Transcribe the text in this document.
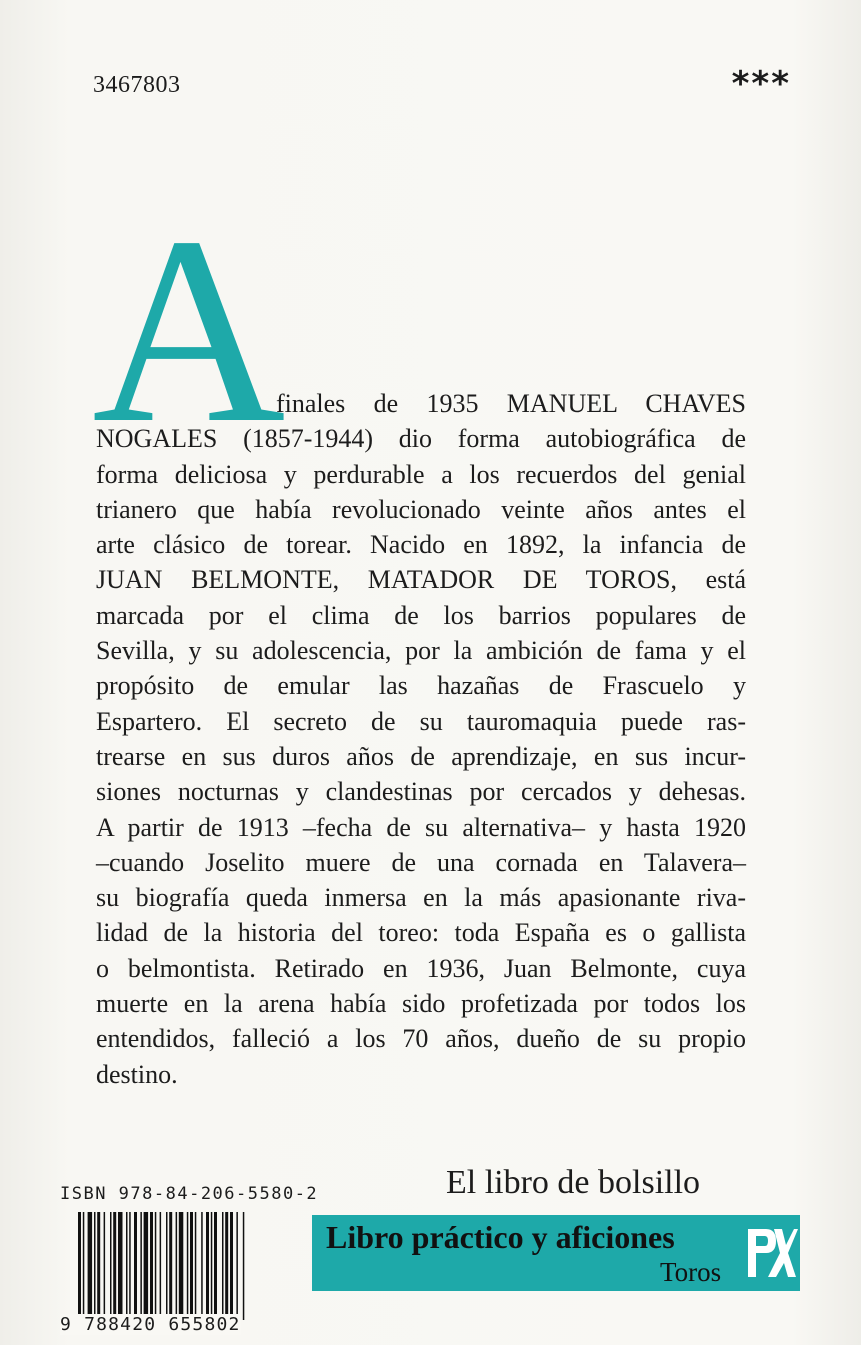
3467803	***
A
finales de 1935 MANUEL CHAVES
NOGALES (1857-1944) dio forma autobiográfica de
forma deliciosa y perdurable a los recuerdos del genial
trianero que había revolucionado veinte años antes el
arte clásico de torear. Nacido en 1892, la infancia de
JUAN BELMONTE, MATADOR DE TOROS, está
marcada por el clima de los barrios populares de
Sevilla, y su adolescencia, por la ambición de fama y el
propósito de emular las hazañas de Frascuelo y
Espartero. El secreto de su tauromaquia puede ras-
trearse en sus duros años de aprendizaje, en sus incur-
siones nocturnas y clandestinas por cercados y dehesas.
A partir de 1913 –fecha de su alternativa– y hasta 1920
–cuando Joselito muere de una cornada en Talavera–
su biografía queda inmersa en la más apasionante riva-
lidad de la historia del toreo: toda España es o gallista
o belmontista. Retirado en 1936, Juan Belmonte, cuya
muerte en la arena había sido profetizada por todos los
entendidos, falleció a los 70 años, dueño de su propio
destino.
ISBN 978-84-206-5580-2
9 788420 655802
El libro de bolsillo
Libro práctico y aficiones
Toros
